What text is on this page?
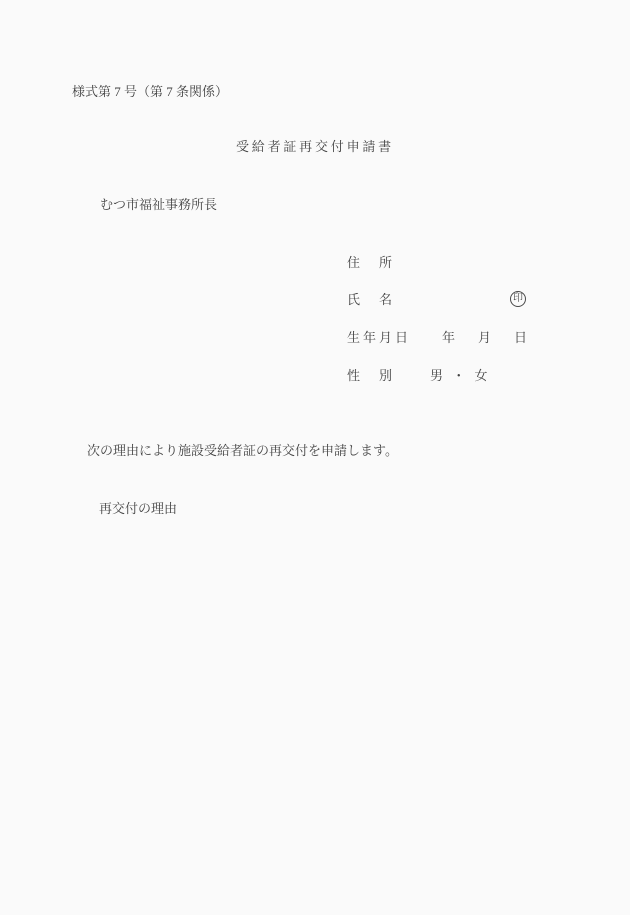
様式第 7 号（第 7 条関係）
受給者証再交付申請書
むつ市福祉事務所長
住　所
氏　名	印
生年月日 年　月　日
性　別	男 ・ 女
次の理由により施設受給者証の再交付を申請します。
再交付の理由
